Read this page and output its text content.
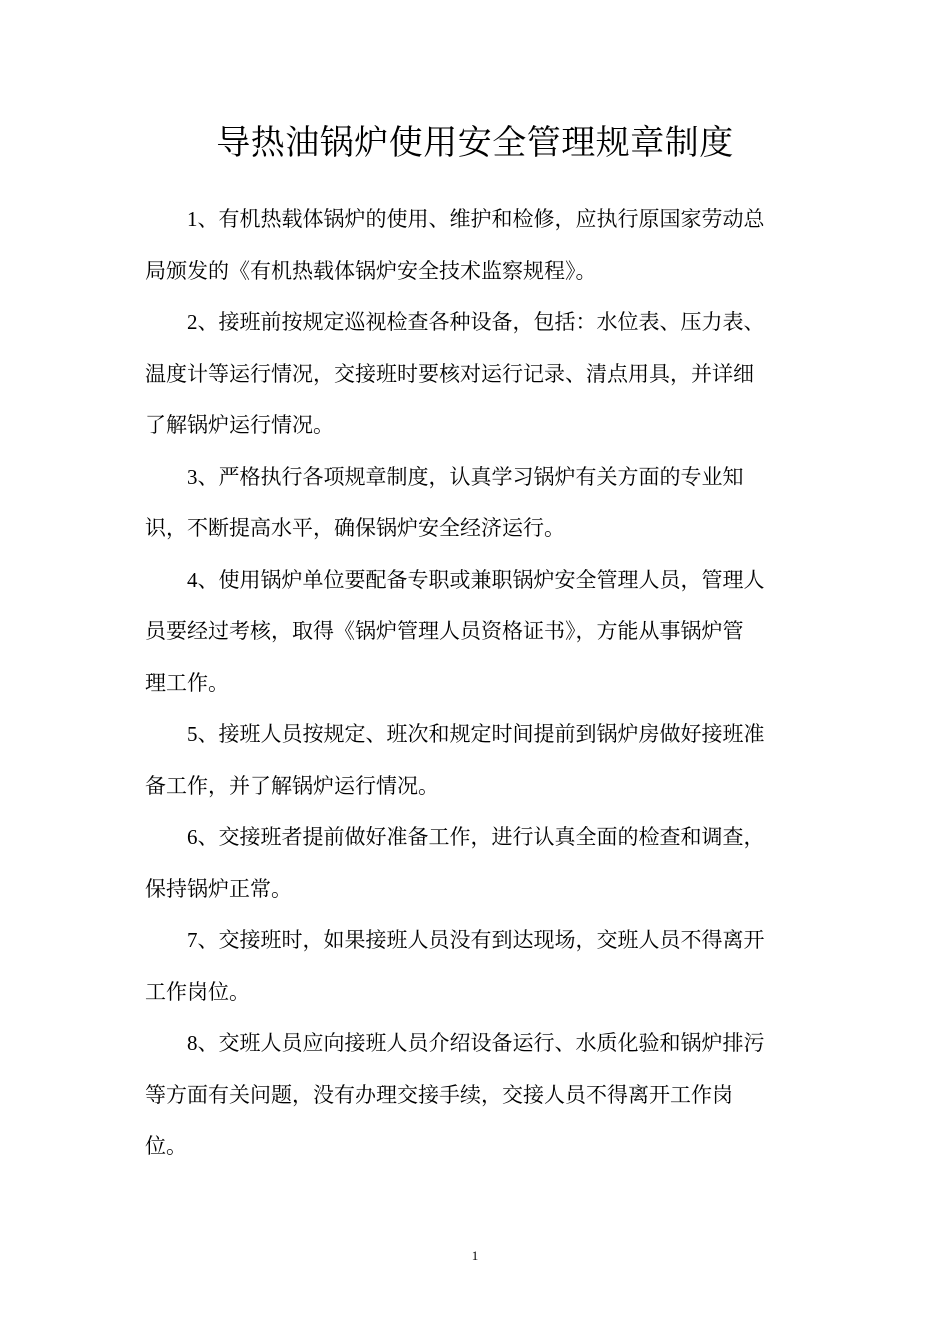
导热油锅炉使用安全管理规章制度
1、有机热载体锅炉的使用、维护和检修，应执行原国家劳动总
局颁发的《有机热载体锅炉安全技术监察规程》。
2、接班前按规定巡视检查各种设备，包括：水位表、压力表、
温度计等运行情况，交接班时要核对运行记录、清点用具，并详细
了解锅炉运行情况。
3、严格执行各项规章制度，认真学习锅炉有关方面的专业知
识，不断提高水平，确保锅炉安全经济运行。
4、使用锅炉单位要配备专职或兼职锅炉安全管理人员，管理人
员要经过考核，取得《锅炉管理人员资格证书》，方能从事锅炉管
理工作。
5、接班人员按规定、班次和规定时间提前到锅炉房做好接班准
备工作，并了解锅炉运行情况。
6、交接班者提前做好准备工作，进行认真全面的检查和调查，
保持锅炉正常。
7、交接班时，如果接班人员没有到达现场，交班人员不得离开
工作岗位。
8、交班人员应向接班人员介绍设备运行、水质化验和锅炉排污
等方面有关问题，没有办理交接手续，交接人员不得离开工作岗
位。
1
